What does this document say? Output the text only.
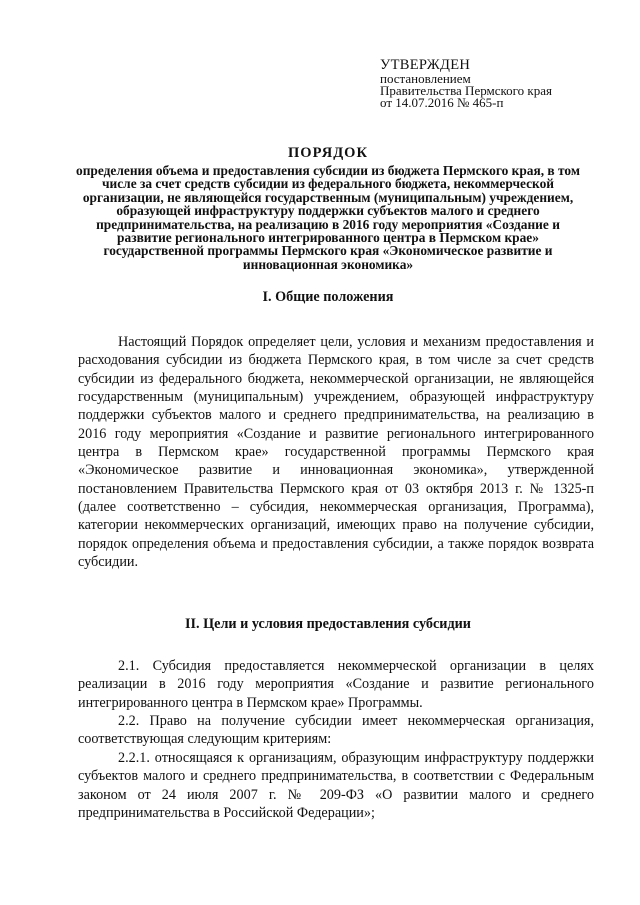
УТВЕРЖДЕН
постановлением
Правительства Пермского края
от 14.07.2016 № 465-п
ПОРЯДОК
определения объема и предоставления субсидии из бюджета Пермского края, в том числе за счет средств субсидии из федерального бюджета, некоммерческой организации, не являющейся государственным (муниципальным) учреждением, образующей инфраструктуру поддержки субъектов малого и среднего предпринимательства, на реализацию в 2016 году мероприятия «Создание и развитие регионального интегрированного центра в Пермском крае» государственной программы Пермского края «Экономическое развитие и инновационная экономика»
I. Общие положения

Настоящий Порядок определяет цели, условия и механизм предоставления и расходования субсидии из бюджета Пермского края, в том числе за счет средств субсидии из федерального бюджета, некоммерческой организации, не являющейся государственным (муниципальным) учреждением, образующей инфраструктуру поддержки субъектов малого и среднего предпринимательства, на реализацию в 2016 году мероприятия «Создание и развитие регионального интегрированного центра в Пермском крае» государственной программы Пермского края «Экономическое развитие и инновационная экономика», утвержденной постановлением Правительства Пермского края от 03 октября 2013 г. № 1325-п (далее соответственно – субсидия, некоммерческая организация, Программа), категории некоммерческих организаций, имеющих право на получение субсидии, порядок определения объема и предоставления субсидии, а также порядок возврата субсидии.

II. Цели и условия предоставления субсидии

2.1. Субсидия предоставляется некоммерческой организации в целях реализации в 2016 году мероприятия «Создание и развитие регионального интегрированного центра в Пермском крае» Программы.

2.2. Право на получение субсидии имеет некоммерческая организация, соответствующая следующим критериям:

2.2.1. относящаяся к организациям, образующим инфраструктуру поддержки субъектов малого и среднего предпринимательства, в соответствии с Федеральным законом от 24 июля 2007 г. № 209-ФЗ «О развитии малого и среднего предпринимательства в Российской Федерации»;
